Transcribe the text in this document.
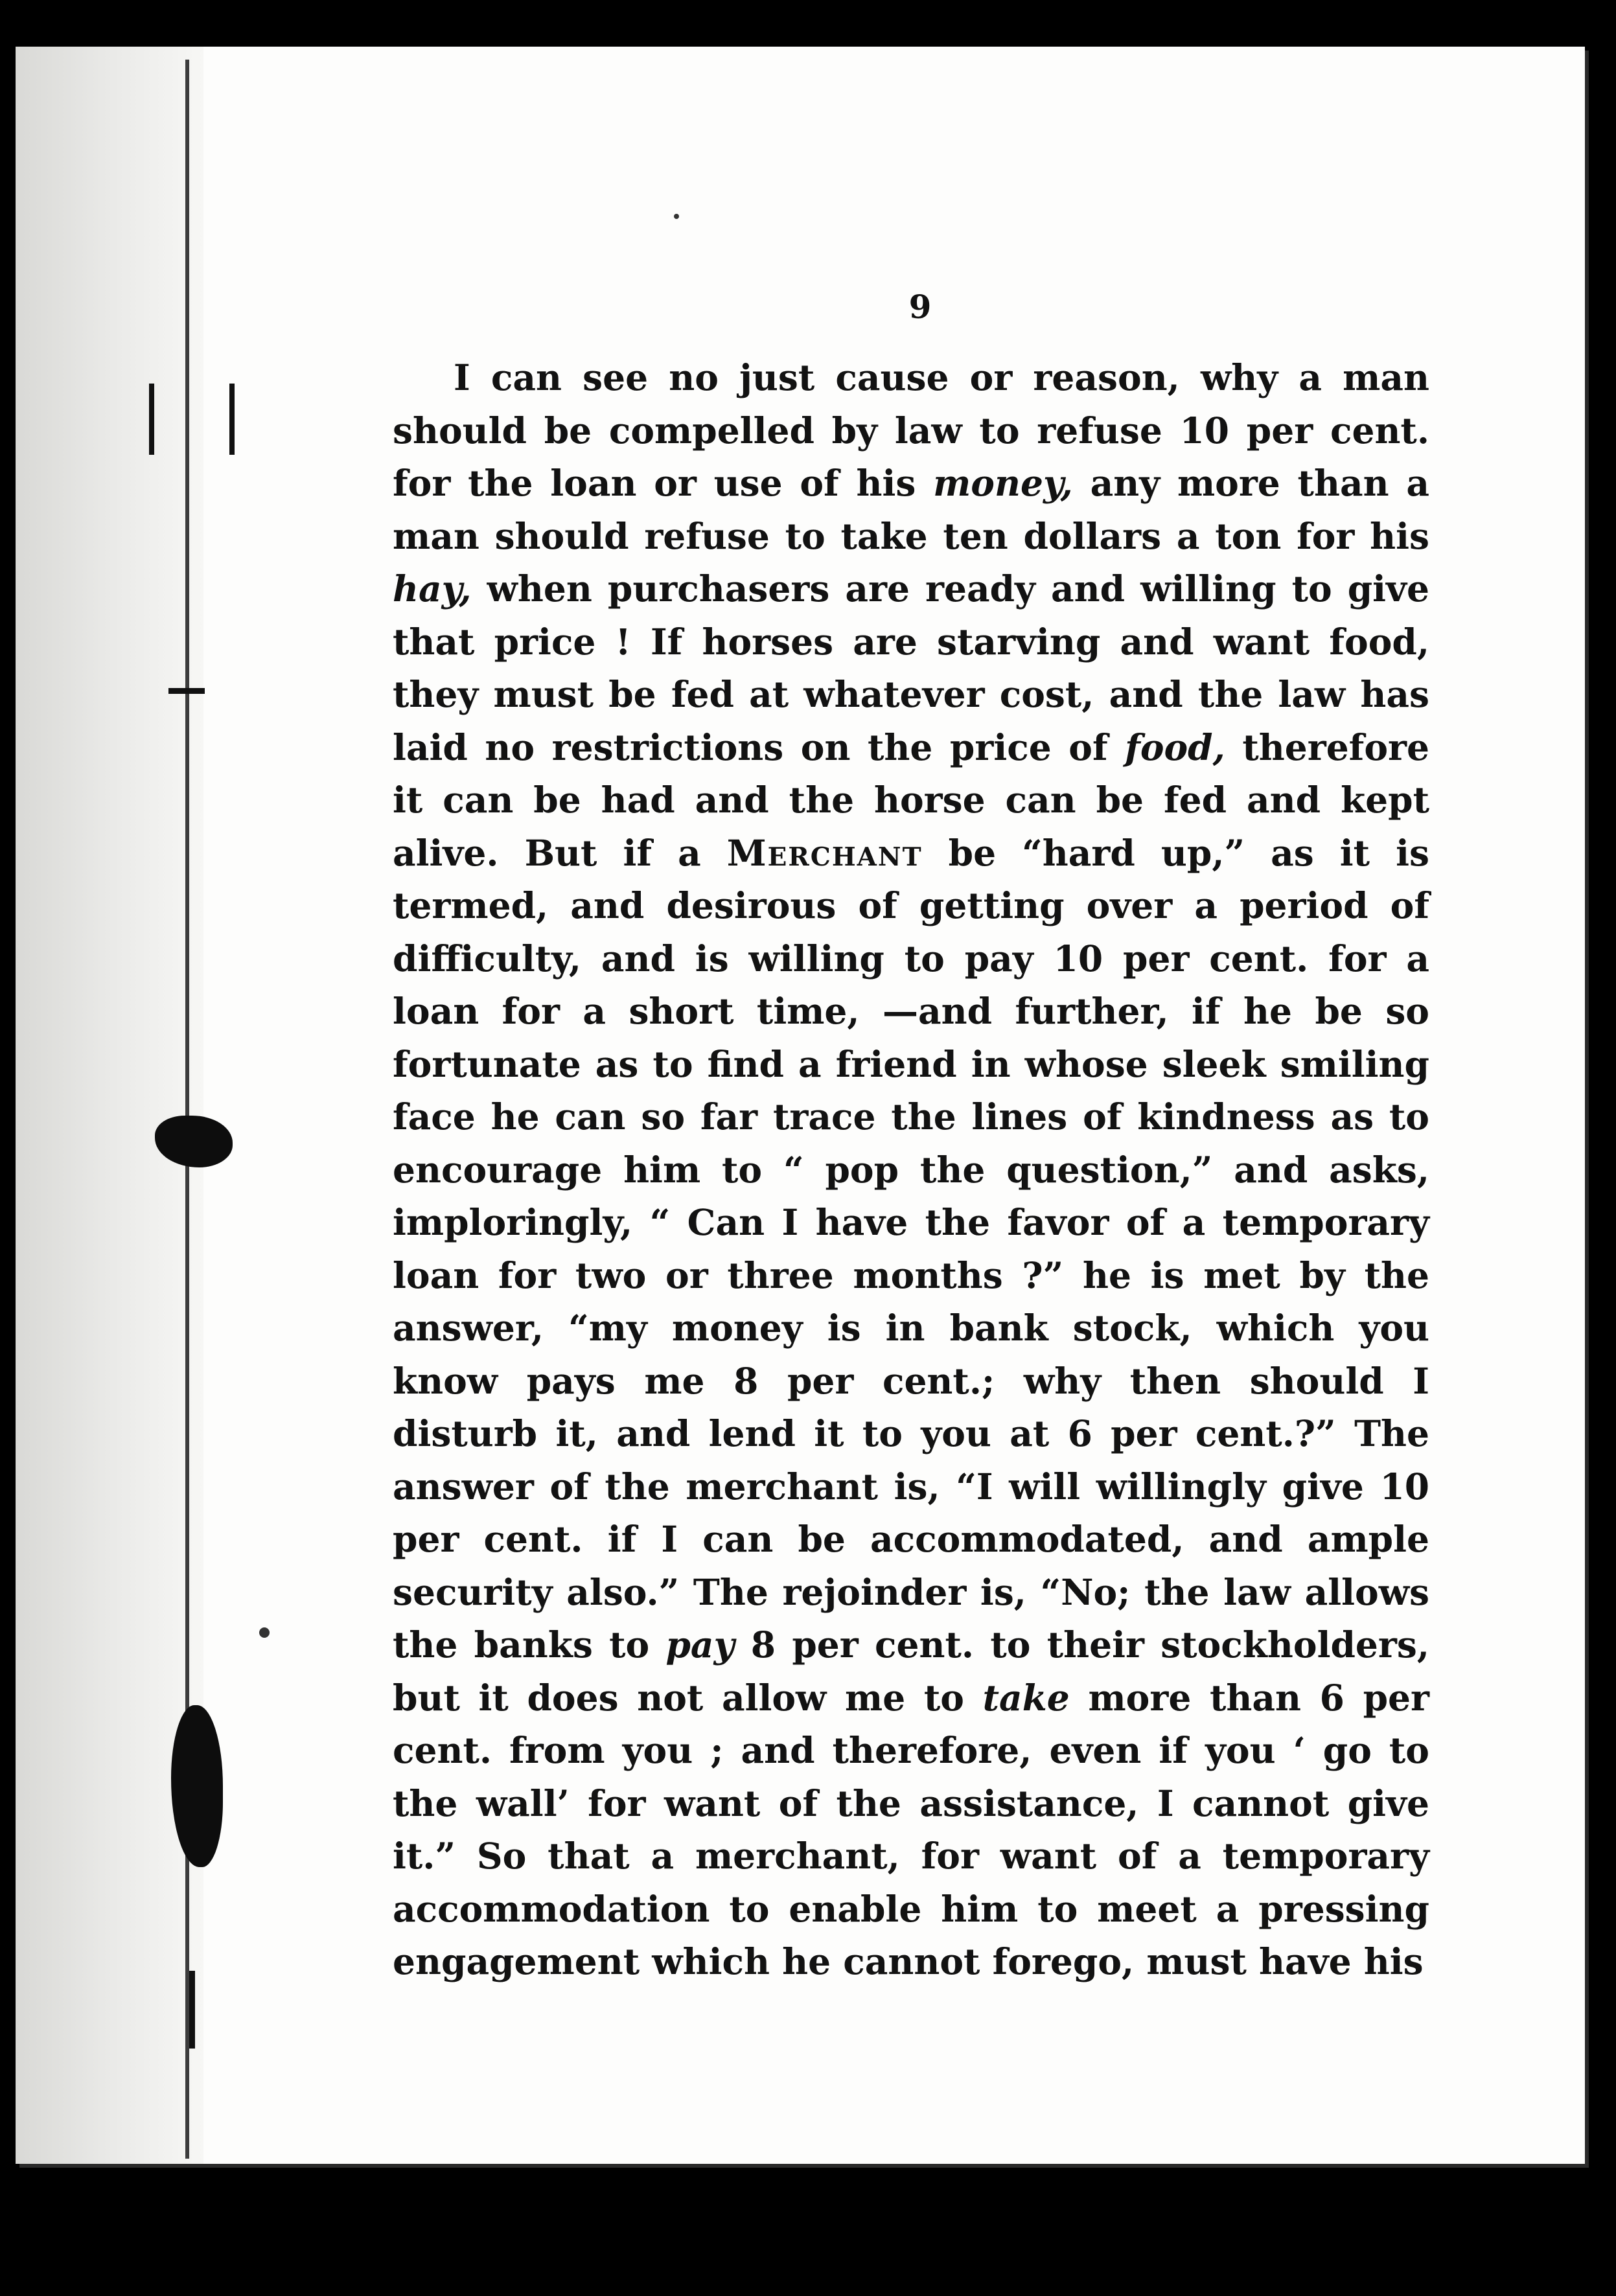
9

I can see no just cause or reason, why a man should be compelled by law to refuse 10 per cent. for the loan or use of his money, any more than a man should refuse to take ten dollars a ton for his hay, when purchasers are ready and willing to give that price ! If horses are starving and want food, they must be fed at whatever cost, and the law has laid no restrictions on the price of food, therefore it can be had and the horse can be fed and kept alive. But if a Merchant be “hard up,” as it is termed, and desirous of getting over a period of difficulty, and is willing to pay 10 per cent. for a loan for a short time, —and further, if he be so fortunate as to find a friend in whose sleek smiling face he can so far trace the lines of kindness as to encourage him to “ pop the question,” and asks, imploringly, “ Can I have the favor of a temporary loan for two or three months ?” he is met by the answer, “my money is in bank stock, which you know pays me 8 per cent.; why then should I disturb it, and lend it to you at 6 per cent.?” The answer of the merchant is, “I will willingly give 10 per cent. if I can be accommodated, and ample security also.” The rejoinder is, “No; the law allows the banks to pay 8 per cent. to their stockholders, but it does not allow me to take more than 6 per cent. from you ; and therefore, even if you ‘ go to the wall’ for want of the assistance, I cannot give it.” So that a merchant, for want of a temporary accommodation to enable him to meet a pressing engagement which he cannot forego, must have his
